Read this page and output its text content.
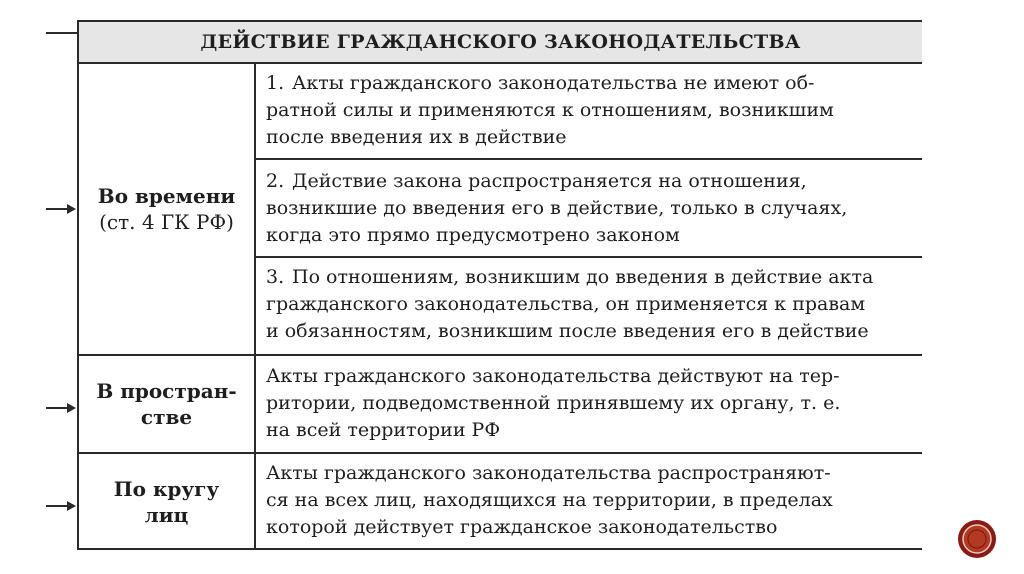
ДЕЙСТВИЕ ГРАЖДАНСКОГО ЗАКОНОДАТЕЛЬСТВА
Во времени
(ст. 4 ГК РФ)
1. Акты гражданского законодательства не имеют об-
ратной силы и применяются к отношениям, возникшим
после введения их в действие
2. Действие закона распространяется на отношения,
возникшие до введения его в действие, только в случаях,
когда это прямо предусмотрено законом
3. По отношениям, возникшим до введения в действие акта
гражданского законодательства, он применяется к правам
и обязанностям, возникшим после введения его в действие
В простран-
стве
Акты гражданского законодательства действуют на тер-
ритории, подведомственной принявшему их органу, т. е.
на всей территории РФ
По кругу
лиц
Акты гражданского законодательства распространяют-
ся на всех лиц, находящихся на территории, в пределах
которой действует гражданское законодательство
